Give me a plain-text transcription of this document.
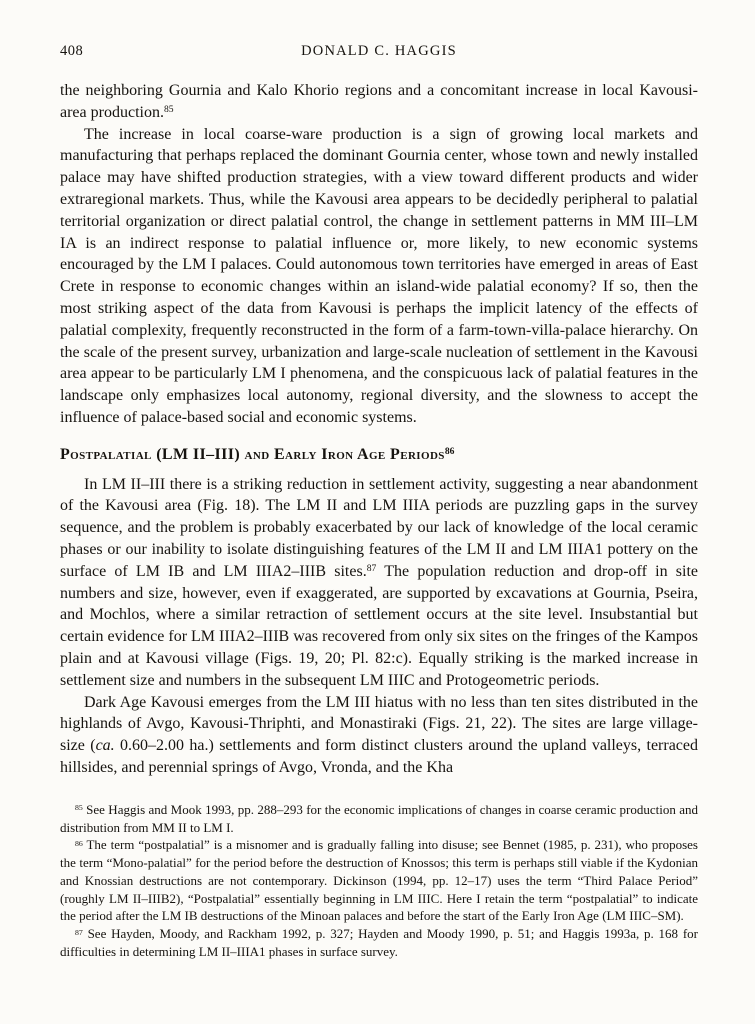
408	DONALD C. HAGGIS

the neighboring Gournia and Kalo Khorio regions and a concomitant increase in local Kavousi-area production.$^{85}$

The increase in local coarse-ware production is a sign of growing local markets and manufacturing that perhaps replaced the dominant Gournia center, whose town and newly installed palace may have shifted production strategies, with a view toward different products and wider extraregional markets. Thus, while the Kavousi area appears to be decidedly peripheral to palatial territorial organization or direct palatial control, the change in settlement patterns in MM III–LM IA is an indirect response to palatial influence or, more likely, to new economic systems encouraged by the LM I palaces. Could autonomous town territories have emerged in areas of East Crete in response to economic changes within an island-wide palatial economy? If so, then the most striking aspect of the data from Kavousi is perhaps the implicit latency of the effects of palatial complexity, frequently reconstructed in the form of a farm-town-villa-palace hierarchy. On the scale of the present survey, urbanization and large-scale nucleation of settlement in the Kavousi area appear to be particularly LM I phenomena, and the conspicuous lack of palatial features in the landscape only emphasizes local autonomy, regional diversity, and the slowness to accept the influence of palace-based social and economic systems.

Postpalatial (LM II–III) and Early Iron Age Periods$^{86}$

In LM II–III there is a striking reduction in settlement activity, suggesting a near abandonment of the Kavousi area (Fig. 18). The LM II and LM IIIA periods are puzzling gaps in the survey sequence, and the problem is probably exacerbated by our lack of knowledge of the local ceramic phases or our inability to isolate distinguishing features of the LM II and LM IIIA1 pottery on the surface of LM IB and LM IIIA2–IIIB sites.$^{87}$ The population reduction and drop-off in site numbers and size, however, even if exaggerated, are supported by excavations at Gournia, Pseira, and Mochlos, where a similar retraction of settlement occurs at the site level. Insubstantial but certain evidence for LM IIIA2–IIIB was recovered from only six sites on the fringes of the Kampos plain and at Kavousi village (Figs. 19, 20; Pl. 82:c). Equally striking is the marked increase in settlement size and numbers in the subsequent LM IIIC and Protogeometric periods.

Dark Age Kavousi emerges from the LM III hiatus with no less than ten sites distributed in the highlands of Avgo, Kavousi-Thriphti, and Monastiraki (Figs. 21, 22). The sites are large village-size (ca. 0.60–2.00 ha.) settlements and form distinct clusters around the upland valleys, terraced hillsides, and perennial springs of Avgo, Vronda, and the Kha

$^{85}$ See Haggis and Mook 1993, pp. 288–293 for the economic implications of changes in coarse ceramic production and distribution from MM II to LM I.

$^{86}$ The term “postpalatial” is a misnomer and is gradually falling into disuse; see Bennet (1985, p. 231), who proposes the term “Mono-palatial” for the period before the destruction of Knossos; this term is perhaps still viable if the Kydonian and Knossian destructions are not contemporary. Dickinson (1994, pp. 12–17) uses the term “Third Palace Period” (roughly LM II–IIIB2), “Postpalatial” essentially beginning in LM IIIC. Here I retain the term “postpalatial” to indicate the period after the LM IB destructions of the Minoan palaces and before the start of the Early Iron Age (LM IIIC–SM).

$^{87}$ See Hayden, Moody, and Rackham 1992, p. 327; Hayden and Moody 1990, p. 51; and Haggis 1993a, p. 168 for difficulties in determining LM II–IIIA1 phases in surface survey.
